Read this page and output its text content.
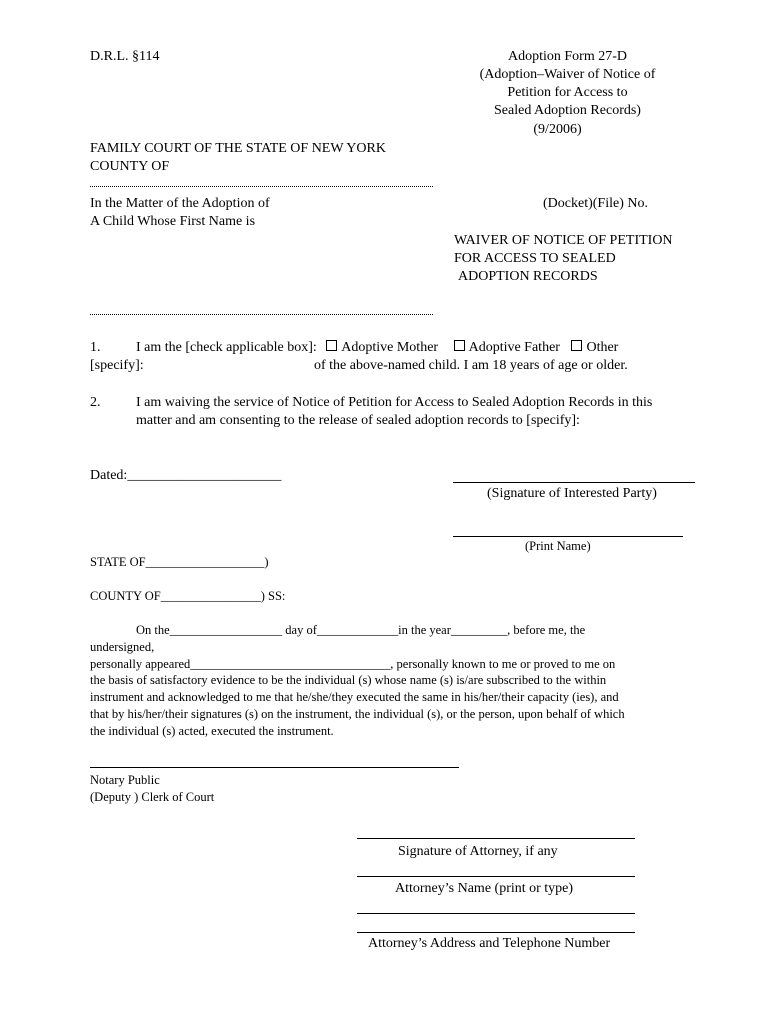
D.R.L. §114	Adoption Form 27-D
(Adoption–Waiver of Notice of
Petition for Access to
Sealed Adoption Records)
(9/2006)
FAMILY COURT OF THE STATE OF NEW YORK
COUNTY OF
In the Matter of the Adoption of
A Child Whose First Name is
(Docket)(File) No.
WAIVER OF NOTICE OF PETITION
FOR ACCESS TO SEALED
ADOPTION RECORDS
1.	I am the [check applicable box]: Adoptive Mother Adoptive Father Other
[specify]:	of the above-named child. I am 18 years of age or older.
2.	I am waiving the service of Notice of Petition for Access to Sealed Adoption Records in this
matter and am consenting to the release of sealed adoption records to [specify]:
Dated:______________________
(Signature of Interested Party)
(Print Name)
STATE OF___________________)
COUNTY OF________________) SS:
On the__________________ day of_____________in the year_________, before me, the
undersigned,
personally appeared________________________________, personally known to me or proved to me on
the basis of satisfactory evidence to be the individual (s) whose name (s) is/are subscribed to the within
instrument and acknowledged to me that he/she/they executed the same in his/her/their capacity (ies), and
that by his/her/their signatures (s) on the instrument, the individual (s), or the person, upon behalf of which
the individual (s) acted, executed the instrument.
Notary Public
(Deputy ) Clerk of Court
Signature of Attorney, if any
Attorney’s Name (print or type)
Attorney’s Address and Telephone Number
